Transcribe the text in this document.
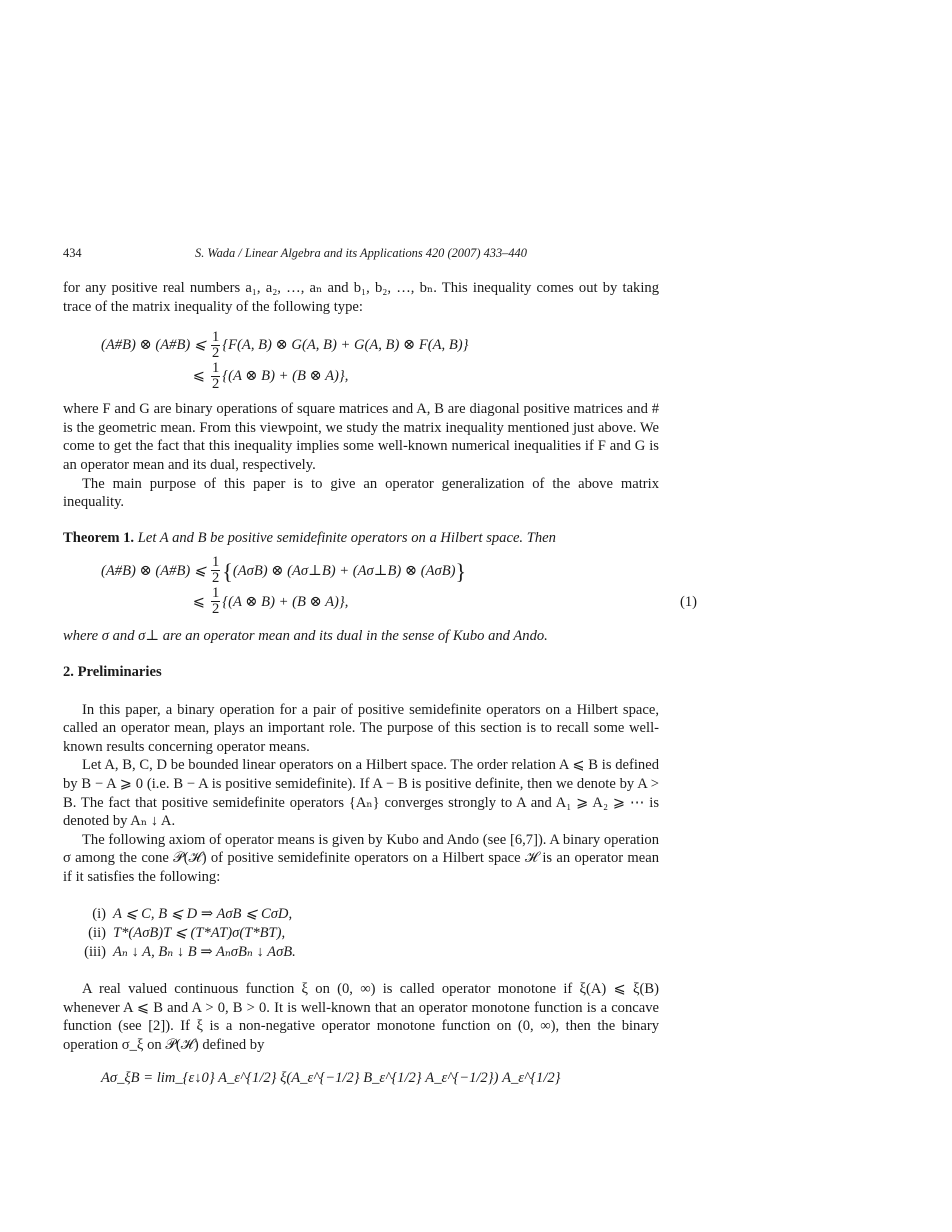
434	S. Wada / Linear Algebra and its Applications 420 (2007) 433–440

for any positive real numbers a₁, a₂, …, aₙ and b₁, b₂, …, bₙ. This inequality comes out by taking trace of the matrix inequality of the following type:

(A#B) ⊗ (A#B) ⩽ $\frac{1}{2} \{F(A$, B) ⊗ G(A, B) + G(A, B) ⊗ F(A, B)}
⩽ $\frac{1}{2} \{(A$ ⊗ B) + (B ⊗ A)},

where F and G are binary operations of square matrices and A, B are diagonal positive matrices and # is the geometric mean. From this viewpoint, we study the matrix inequality mentioned just above. We come to get the fact that this inequality implies some well-known numerical inequalities if F and G is an operator mean and its dual, respectively.

The main purpose of this paper is to give an operator generalization of the above matrix inequality.

Theorem 1. Let A and B be positive semidefinite operators on a Hilbert space. Then

(A#B) ⊗ (A#B) ⩽ $\frac{1}{2}$ { (AσB) ⊗ (Aσ⊥B) + (Aσ⊥B) ⊗ (AσB) }
⩽ $\frac{1}{2} \{(A$ ⊗ B) + (B ⊗ A)},	(1)

where σ and σ⊥ are an operator mean and its dual in the sense of Kubo and Ando.

2. Preliminaries

In this paper, a binary operation for a pair of positive semidefinite operators on a Hilbert space, called an operator mean, plays an important role. The purpose of this section is to recall some well-known results concerning operator means.

Let A, B, C, D be bounded linear operators on a Hilbert space. The order relation A ⩽ B is defined by B − A ⩾ 0 (i.e. B − A is positive semidefinite). If A − B is positive definite, then we denote by A > B. The fact that positive semidefinite operators {Aₙ} converges strongly to A and A₁ ⩾ A₂ ⩾ ⋯ is denoted by Aₙ ↓ A.

The following axiom of operator means is given by Kubo and Ando (see [6,7]). A binary operation σ among the cone 𝒫(ℋ) of positive semidefinite operators on a Hilbert space ℋ is an operator mean if it satisfies the following:

(i) A ⩽ C, B ⩽ D ⇒ AσB ⩽ CσD,
(ii) T*(AσB)T ⩽ (T*AT)σ(T*BT),
(iii) Aₙ ↓ A, Bₙ ↓ B ⇒ AₙσBₙ ↓ AσB.

A real valued continuous function ξ on (0, ∞) is called operator monotone if ξ(A) ⩽ ξ(B) whenever A ⩽ B and A > 0, B > 0. It is well-known that an operator monotone function is a concave function (see [2]). If ξ is a non-negative operator monotone function on (0, ∞), then the binary operation σ_ξ on 𝒫(ℋ) defined by

Aσ_ξB = lim_{ε↓0} A_ε^{1/2} ξ(A_ε^{−1/2} B_ε^{1/2} A_ε^{−1/2}) A_ε^{1/2}
